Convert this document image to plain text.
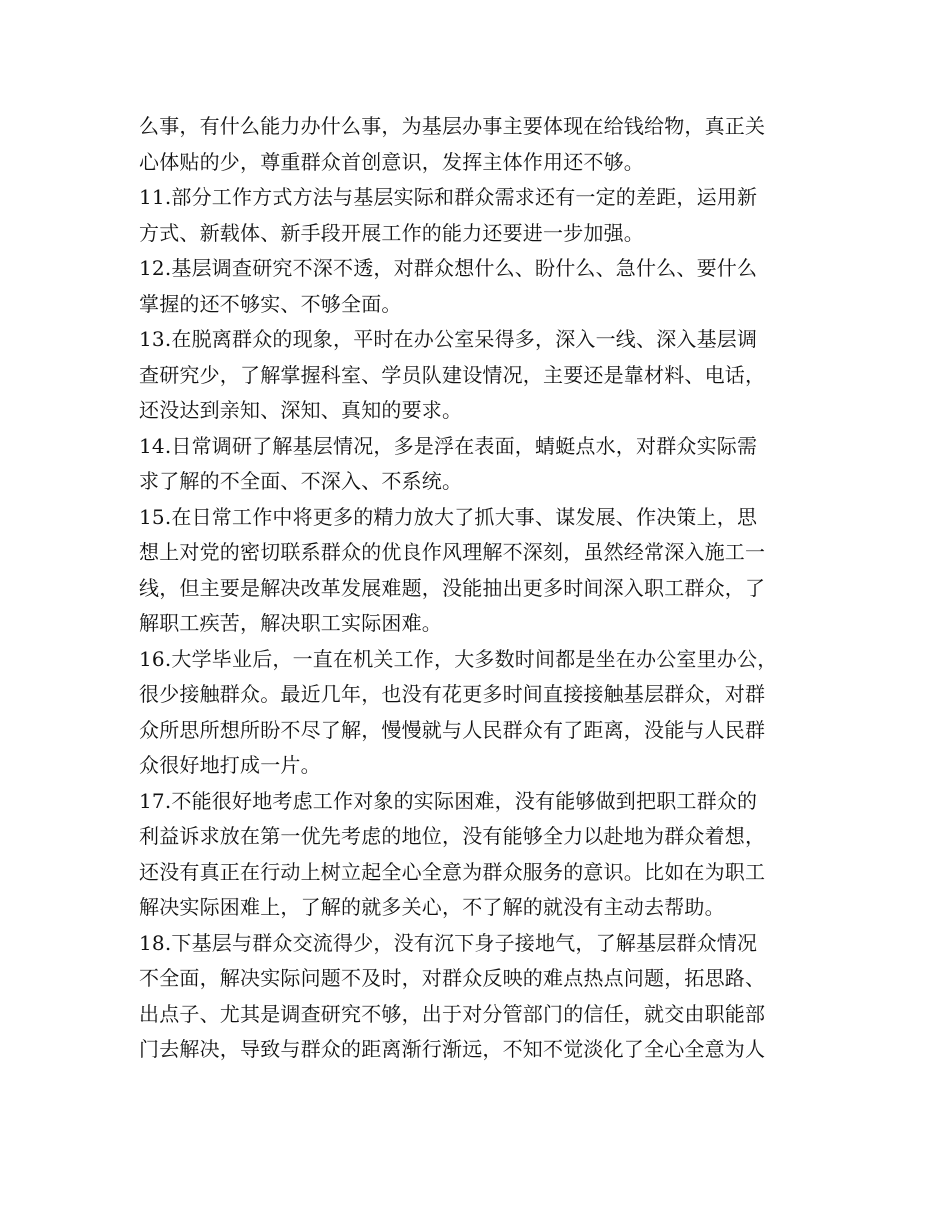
么事，有什么能力办什么事，为基层办事主要体现在给钱给物，真正关
心体贴的少，尊重群众首创意识，发挥主体作用还不够。
11.部分工作方式方法与基层实际和群众需求还有一定的差距，运用新
方式、新载体、新手段开展工作的能力还要进一步加强。
12.基层调查研究不深不透，对群众想什么、盼什么、急什么、要什么
掌握的还不够实、不够全面。
13.在脱离群众的现象，平时在办公室呆得多，深入一线、深入基层调
查研究少，了解掌握科室、学员队建设情况，主要还是靠材料、电话，
还没达到亲知、深知、真知的要求。
14.日常调研了解基层情况，多是浮在表面，蜻蜓点水，对群众实际需
求了解的不全面、不深入、不系统。
15.在日常工作中将更多的精力放大了抓大事、谋发展、作决策上，思
想上对党的密切联系群众的优良作风理解不深刻，虽然经常深入施工一
线，但主要是解决改革发展难题，没能抽出更多时间深入职工群众，了
解职工疾苦，解决职工实际困难。
16.大学毕业后，一直在机关工作，大多数时间都是坐在办公室里办公，
很少接触群众。最近几年，也没有花更多时间直接接触基层群众，对群
众所思所想所盼不尽了解，慢慢就与人民群众有了距离，没能与人民群
众很好地打成一片。
17.不能很好地考虑工作对象的实际困难，没有能够做到把职工群众的
利益诉求放在第一优先考虑的地位，没有能够全力以赴地为群众着想，
还没有真正在行动上树立起全心全意为群众服务的意识。比如在为职工
解决实际困难上，了解的就多关心，不了解的就没有主动去帮助。
18.下基层与群众交流得少，没有沉下身子接地气，了解基层群众情况
不全面，解决实际问题不及时，对群众反映的难点热点问题，拓思路、
出点子、尤其是调查研究不够，出于对分管部门的信任，就交由职能部
门去解决，导致与群众的距离渐行渐远，不知不觉淡化了全心全意为人
